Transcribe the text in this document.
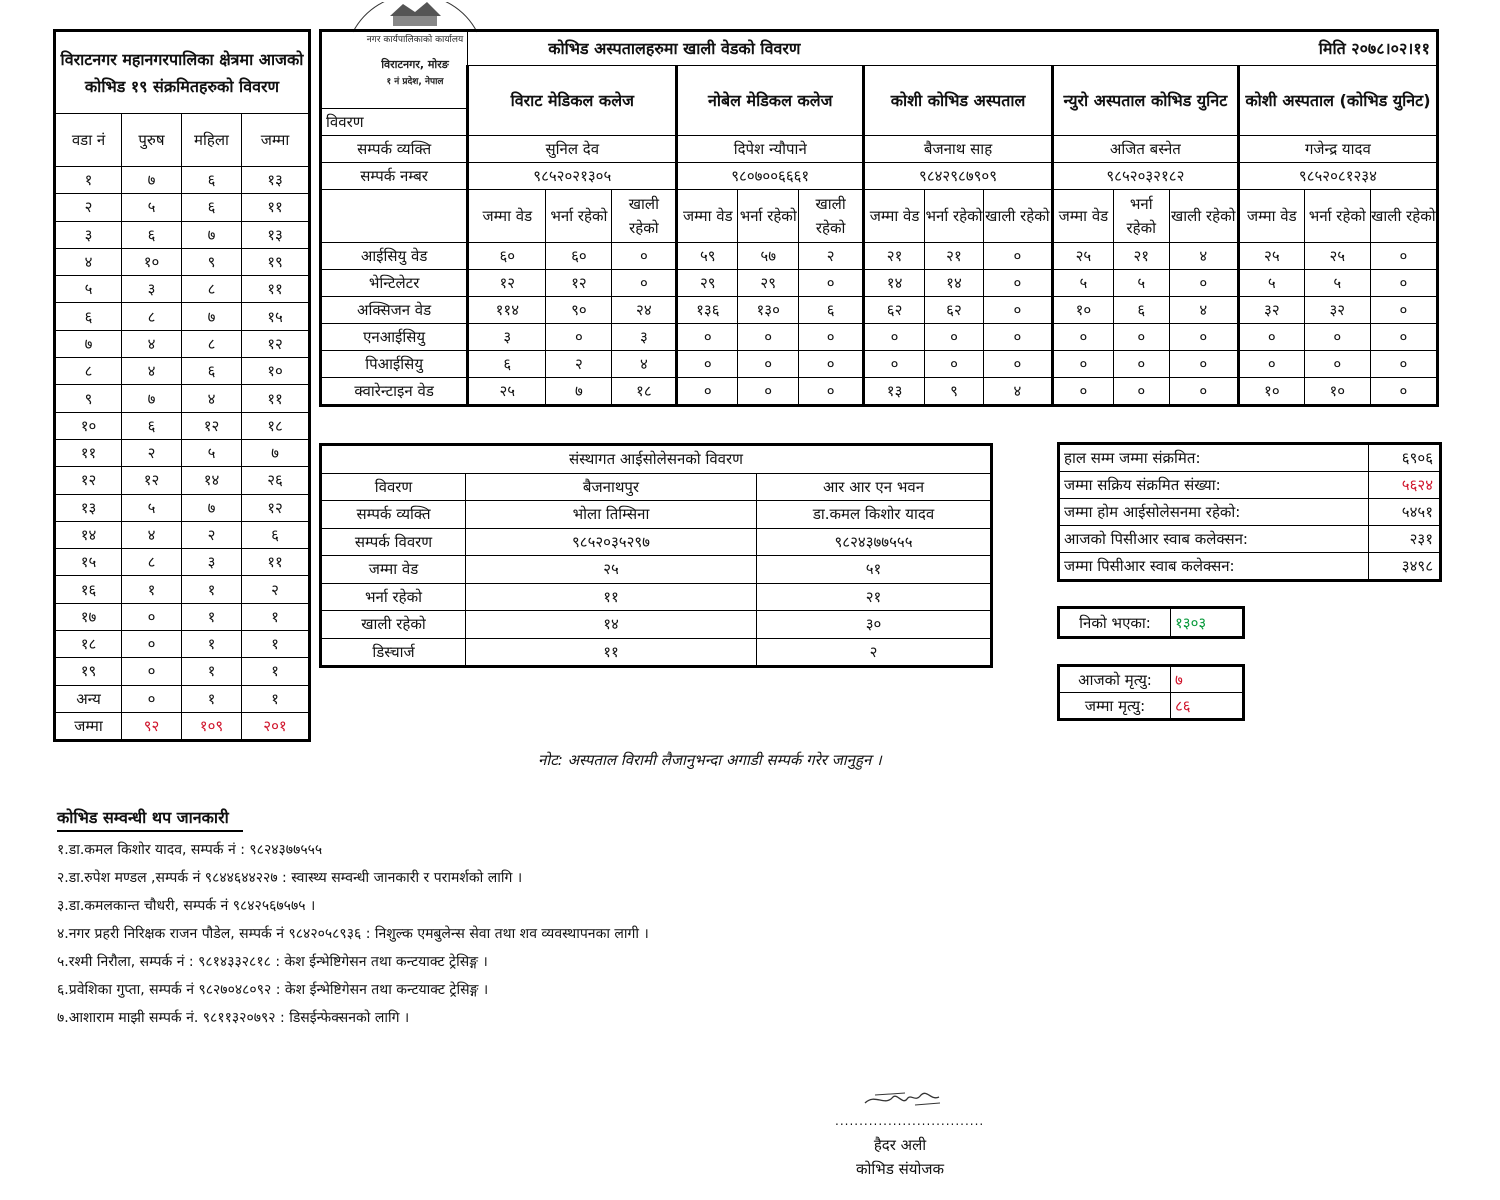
विराटनगर महानगरपालिका क्षेत्रमा आजको कोभिड १९ संक्रमितहरुको विवरण			
वडा नं	पुरुष	महिला	जम्मा
१	७	६	१३
२	५	६	११
३	६	७	१३
४	१०	९	१९
५	३	८	११
६	८	७	१५
७	४	८	१२
८	४	६	१०
९	७	४	११
१०	६	१२	१८
११	२	५	७
१२	१२	१४	२६
१३	५	७	१२
१४	४	२	६
१५	८	३	११
१६	१	१	२
१७	०	१	१
१८	०	१	१
१९	०	१	१
अन्य	०	१	१
जम्मा	९२	१०९	२०१
नगर कार्यपालिकाको कार्यालय
विराटनगर, मोरङ
१ नं प्रदेश, नेपाल
	कोभिड अस्पतालहरुमा खाली वेडको विवरण												मिति २०७८।०२।११		
	विराट मेडिकल कलेज			नोबेल मेडिकल कलेज			कोशी कोभिड अस्पताल			न्युरो अस्पताल कोभिड युनिट			कोशी अस्पताल (कोभिड युनिट)		
विवरण															
सम्पर्क व्यक्ति	सुनिल देव			दिपेश न्यौपाने			बैजनाथ साह			अजित बस्नेत			गजेन्द्र यादव		
सम्पर्क नम्बर	९८५२०२१३०५			९८०७००६६६१			९८४२९८७९०९			९८५२०३२१८२			९८५२०८१२३४		
	जम्मा वेड	भर्ना रहेको	खाली रहेको	जम्मा वेड	भर्ना रहेको	खाली रहेको	जम्मा वेड	भर्ना रहेको	खाली रहेको	जम्मा वेड	भर्ना रहेको	खाली रहेको	जम्मा वेड	भर्ना रहेको	खाली रहेको
आईसियु वेड	६०	६०	०	५९	५७	२	२१	२१	०	२५	२१	४	२५	२५	०
भेन्टिलेटर	१२	१२	०	२९	२९	०	१४	१४	०	५	५	०	५	५	०
अक्सिजन वेड	११४	९०	२४	१३६	१३०	६	६२	६२	०	१०	६	४	३२	३२	०
एनआईसियु	३	०	३	०	०	०	०	०	०	०	०	०	०	०	०
पिआईसियु	६	२	४	०	०	०	०	०	०	०	०	०	०	०	०
क्वारेन्टाइन वेड	२५	७	१८	०	०	०	१३	९	४	०	०	०	१०	१०	०
संस्थागत आईसोलेसनको विवरण		
विवरण	बैजनाथपुर	आर आर एन भवन
सम्पर्क व्यक्ति	भोला तिम्सिना	डा.कमल किशोर यादव
सम्पर्क विवरण	९८५२०३५२९७	९८२४३७७५५५
जम्मा वेड	२५	५१
भर्ना रहेको	११	२१
खाली रहेको	१४	३०
डिस्चार्ज	११	२
हाल सम्म जम्मा संक्रमित:	६९०६
जम्मा सक्रिय संक्रमित संख्या:	५६२४
जम्मा होम आईसोलेसनमा रहेको:	५४५१
आजको पिसीआर स्वाब कलेक्सन:	२३१
जम्मा पिसीआर स्वाब कलेक्सन:	३४९८
निको भएका:	१३०३
आजको मृत्यु:	७
जम्मा मृत्यु:	८६
नोट: अस्पताल विरामी लैजानुभन्दा अगाडी सम्पर्क गरेर जानुहुन ।
कोभिड सम्वन्धी थप जानकारी
१.डा.कमल किशोर यादव, सम्पर्क नं : ९८२४३७७५५५
२.डा.रुपेश मण्डल ,सम्पर्क नं ९८४४६४४२२७ : स्वास्थ्य सम्वन्धी जानकारी र परामर्शको लागि ।
३.डा.कमलकान्त चौधरी, सम्पर्क नं ९८४२५६७५७५ ।
४.नगर प्रहरी निरिक्षक राजन पौडेल, सम्पर्क नं ९८४२०५८९३६ : निशुल्क एमबुलेन्स सेवा तथा शव व्यवस्थापनका लागी ।
५.रश्मी निरौला, सम्पर्क नं : ९८१४३३२८१८ : केश ईन्भेष्टिगेसन तथा कन्टयाक्ट ट्रेसिङ्ग ।
६.प्रवेशिका गुप्ता, सम्पर्क नं ९८२७०४८०९२ : केश ईन्भेष्टिगेसन तथा कन्टयाक्ट ट्रेसिङ्ग ।
७.आशाराम माझी सम्पर्क नं. ९८११३२०७९२ : डिसईन्फेक्सनको लागि ।
...............................
हैदर अली
कोभिड संयोजक
